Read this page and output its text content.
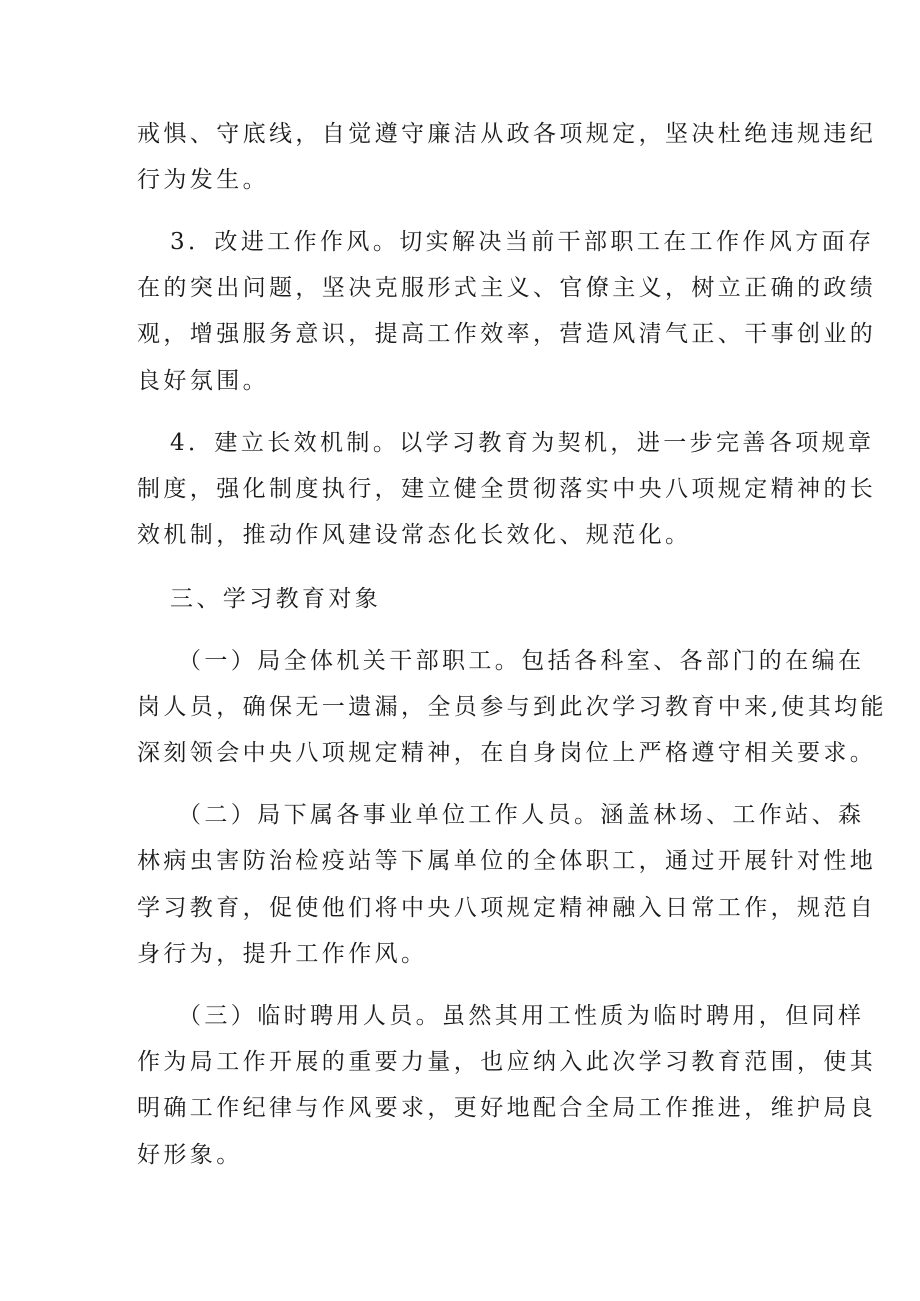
戒惧、守底线，自觉遵守廉洁从政各项规定，坚决杜绝违规违纪
行为发生。
3．改进工作作风。切实解决当前干部职工在工作作风方面存
在的突出问题，坚决克服形式主义、官僚主义，树立正确的政绩
观，增强服务意识，提高工作效率，营造风清气正、干事创业的
良好氛围。
4．建立长效机制。以学习教育为契机，进一步完善各项规章
制度，强化制度执行，建立健全贯彻落实中央八项规定精神的长
效机制，推动作风建设常态化长效化、规范化。
三、学习教育对象
（一）局全体机关干部职工。包括各科室、各部门的在编在
岗人员，确保无一遗漏，全员参与到此次学习教育中来,使其均能
深刻领会中央八项规定精神，在自身岗位上严格遵守相关要求。
（二）局下属各事业单位工作人员。涵盖林场、工作站、森
林病虫害防治检疫站等下属单位的全体职工，通过开展针对性地
学习教育，促使他们将中央八项规定精神融入日常工作，规范自
身行为，提升工作作风。
（三）临时聘用人员。虽然其用工性质为临时聘用，但同样
作为局工作开展的重要力量，也应纳入此次学习教育范围，使其
明确工作纪律与作风要求，更好地配合全局工作推进，维护局良
好形象。
